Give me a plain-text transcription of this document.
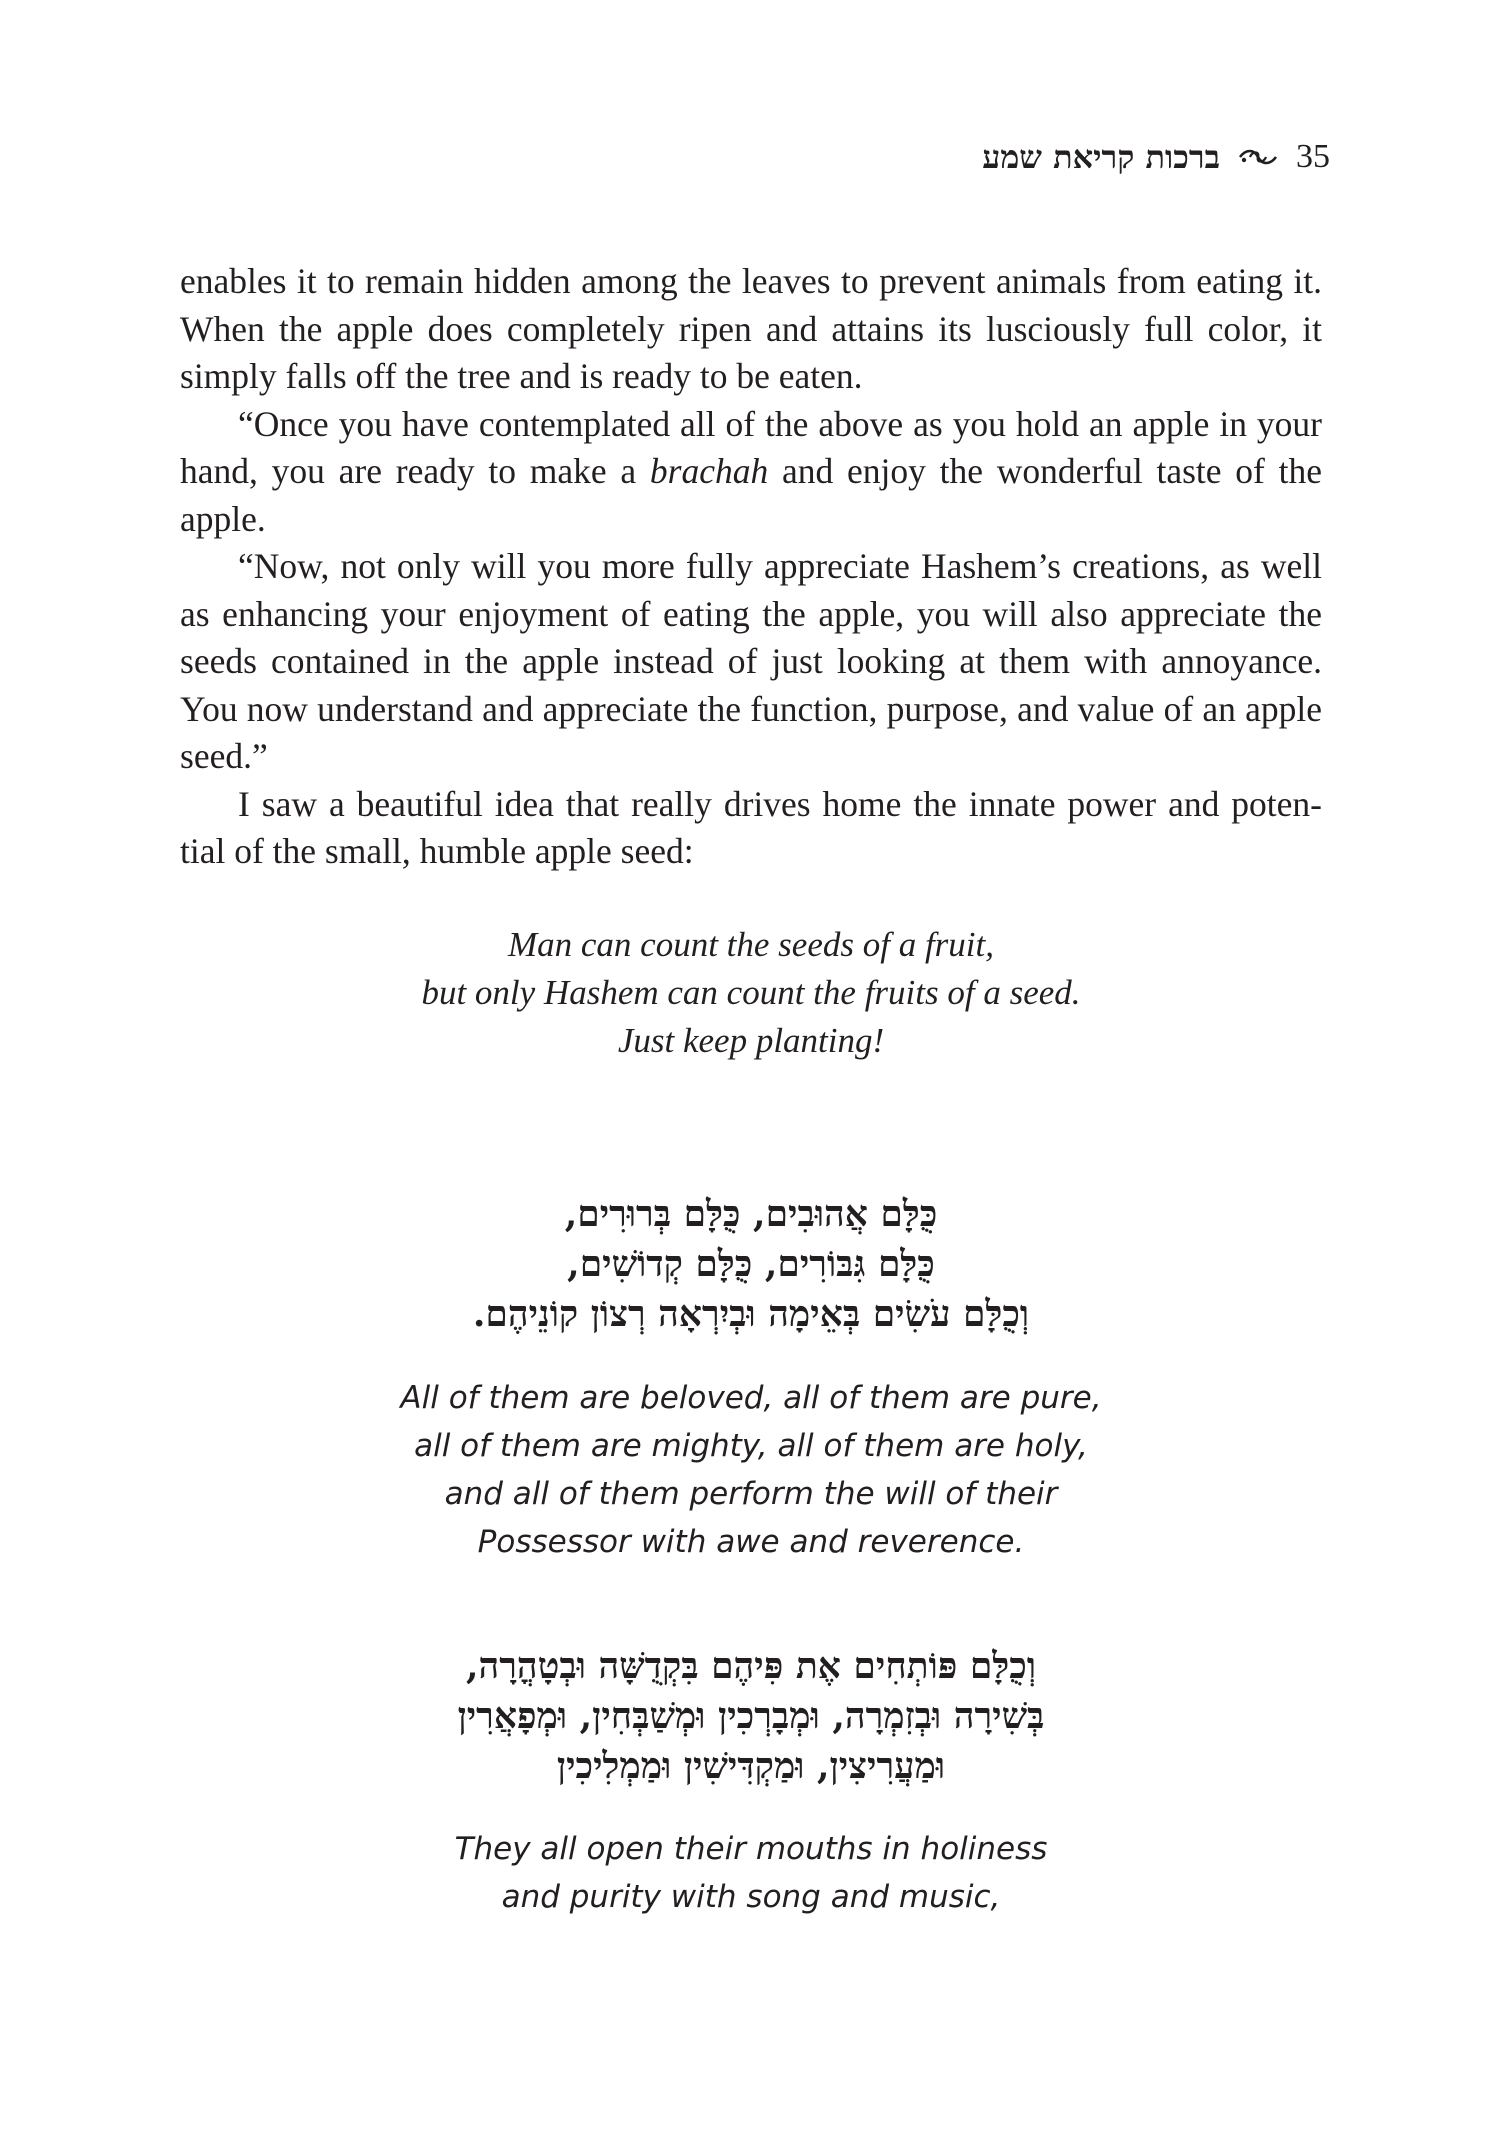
ברכות קריאת שמע 35

enables it to remain hidden among the leaves to prevent animals from eating it. When the apple does completely ripen and attains its lusciously full color, it simply falls off the tree and is ready to be eaten.

“Once you have contemplated all of the above as you hold an apple in your hand, you are ready to make a brachah and enjoy the wonderful taste of the apple.

“Now, not only will you more fully appreciate Hashem’s creations, as well as enhancing your enjoyment of eating the apple, you will also appreciate the seeds contained in the apple instead of just looking at them with annoyance. You now understand and appreciate the function, purpose, and value of an apple seed.”

I saw a beautiful idea that really drives home the innate power and poten-tial of the small, humble apple seed:

Man can count the seeds of a fruit,
but only Hashem can count the fruits of a seed.
Just keep planting!
כֻּלָּם אֲהוּבִים, כֻּלָּם בְּרוּרִים,
כֻּלָּם גִּבּוֹרִים, כֻּלָּם קְדוֹשִׁים,
וְכֻלָּם עֹשִׂים בְּאֵימָה וּבְיִרְאָה רְצוֹן קוֹנֵיהֶם.
All of them are beloved, all of them are pure,
all of them are mighty, all of them are holy,
and all of them perform the will of their
Possessor with awe and reverence.
וְכֻלָּם פּוֹתְחִים אֶת פִּיהֶם בִּקְדֻשָּׁה וּבְטָהֳרָה,
בְּשִׁירָה וּבְזִמְרָה, וּמְבָרְכִין וּמְשַׁבְּחִין, וּמְפָאֲרִין
וּמַעֲרִיצִין, וּמַקְדִּישִׁין וּמַמְלִיכִין
They all open their mouths in holiness
and purity with song and music,
